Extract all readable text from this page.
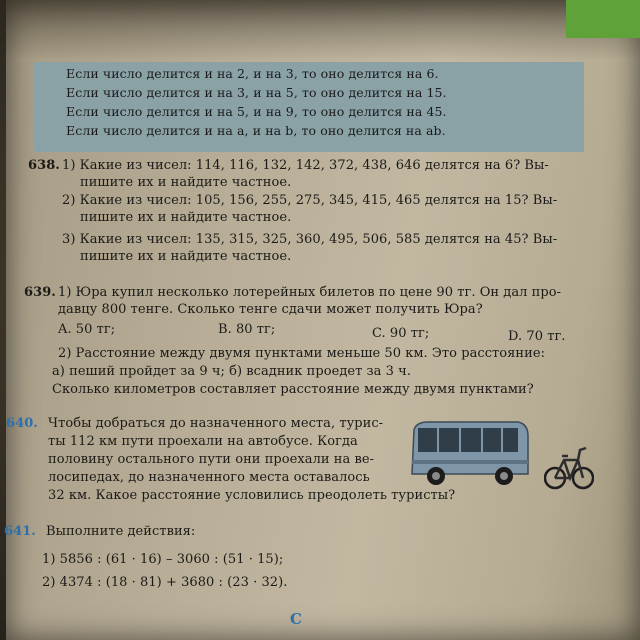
Если число делится и на 2, и на 3, то оно делится на 6.
Если число делится и на 3, и на 5, то оно делится на 15.
Если число делится и на 5, и на 9, то оно делится на 45.
Если число делится и на a, и на b, то оно делится на ab.
638. 1) Какие из чисел: 114, 116, 132, 142, 372, 438, 646 делятся на 6? Вы-
пишите их и найдите частное.
2) Какие из чисел: 105, 156, 255, 275, 345, 415, 465 делятся на 15? Вы-
пишите их и найдите частное.
3) Какие из чисел: 135, 315, 325, 360, 495, 506, 585 делятся на 45? Вы-
пишите их и найдите частное.
639. 1) Юра купил несколько лотерейных билетов по цене 90 тг. Он дал про-
давцу 800 тенге. Сколько тенге сдачи может получить Юра?
A. 50 тг;	B. 80 тг;	C. 90 тг;	D. 70 тг.
2) Расстояние между двумя пунктами меньше 50 км. Это расстояние:
а) пеший пройдет за 9 ч; б) всадник проедет за 3 ч.
Сколько километров составляет расстояние между двумя пунктами?
640. Чтобы добраться до назначенного места, турис-
ты 112 км пути проехали на автобусе. Когда
половину остального пути они проехали на ве-
лосипедах, до назначенного места оставалось
32 км. Какое расстояние условились преодолеть туристы?
641. Выполните действия:
1) 5856 : (61 · 16) – 3060 : (51 · 15);
2) 4374 : (18 · 81) + 3680 : (23 · 32).
С
